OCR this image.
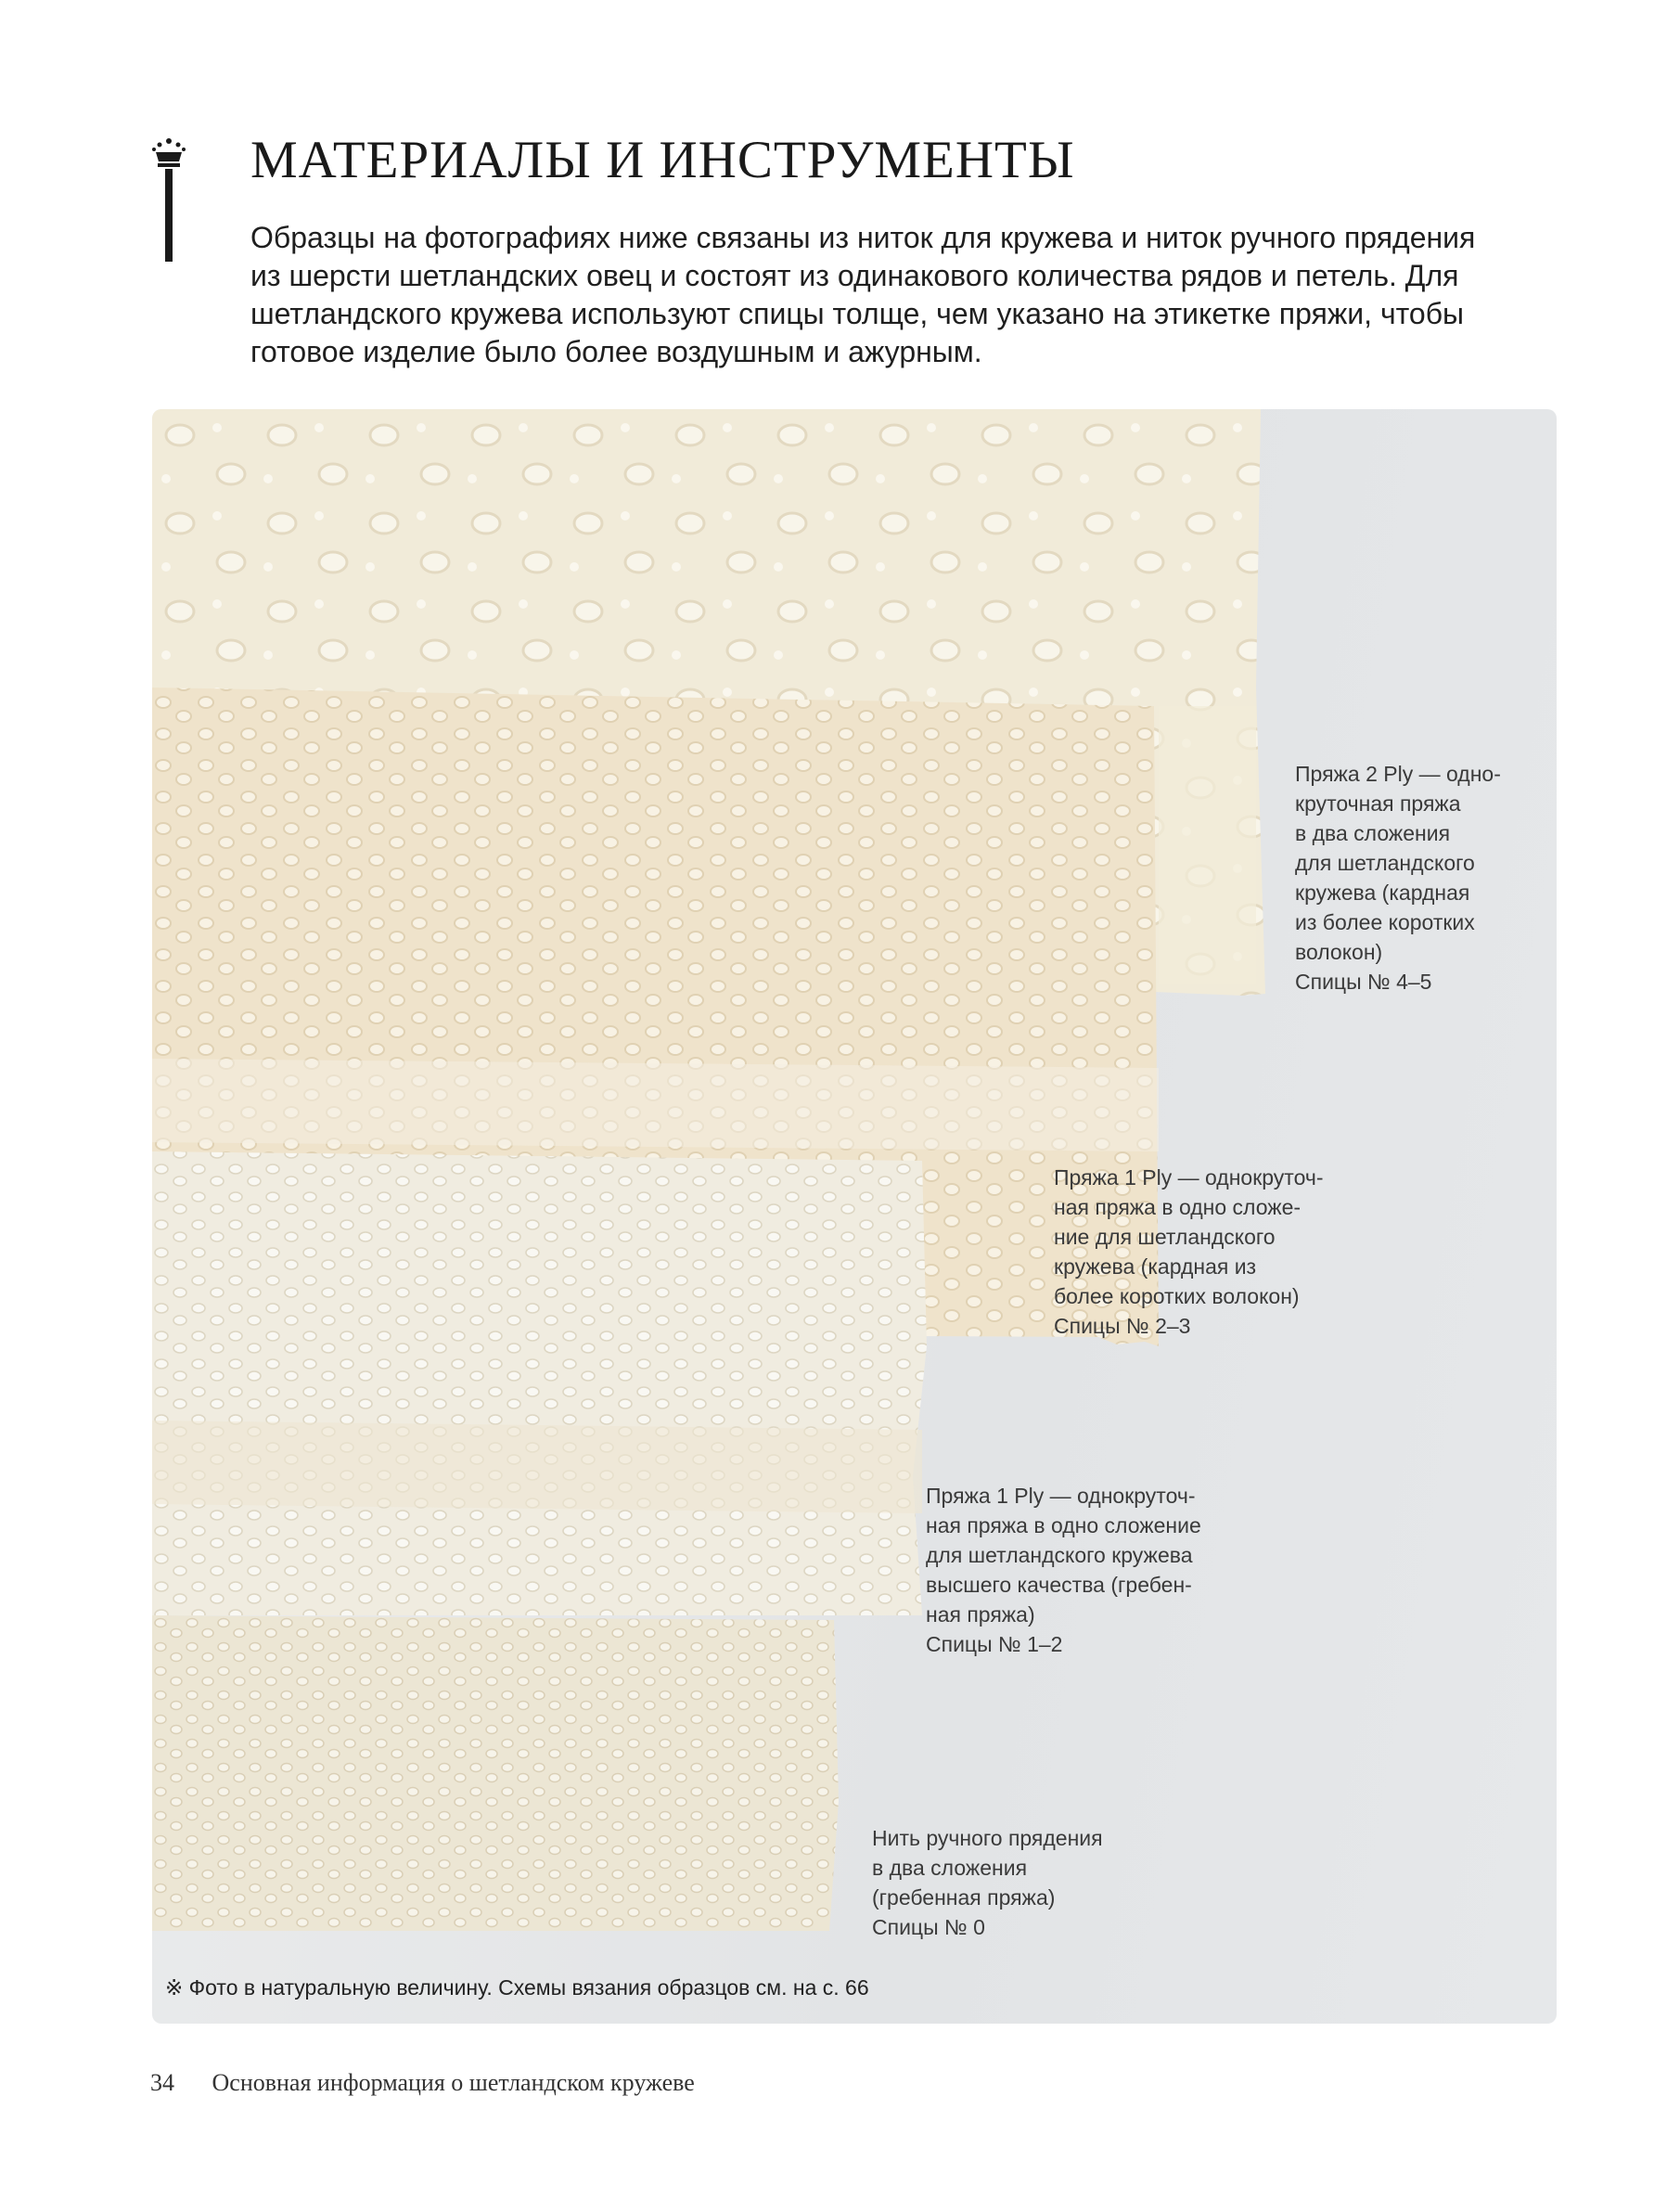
МАТЕРИАЛЫ И ИНСТРУМЕНТЫ

Образцы на фотографиях ниже связаны из ниток для кружева и ниток ручного прядения
из шерсти шетландских овец и состоят из одинакового количества рядов и петель. Для
шетландского кружева используют спицы толще, чем указано на этикетке пряжи, чтобы
готовое изделие было более воздушным и ажурным.

Пряжа 2 Ply — одно-
круточная пряжа
в два сложения
для шетландского
кружева (кардная
из более коротких
волокон)
Спицы № 4–5

Пряжа 1 Ply — однокруточ-
ная пряжа в одно сложе-
ние для шетландского
кружева (кардная из
более коротких волокон)
Спицы № 2–3

Пряжа 1 Ply — однокруточ-
ная пряжа в одно сложение
для шетландского кружева
высшего качества (гребен-
ная пряжа)
Спицы № 1–2

Нить ручного прядения
в два сложения
(гребенная пряжа)
Спицы № 0

※ Фото в натуральную величину. Схемы вязания образцов см. на с. 66

34 Основная информация о шетландском кружеве
